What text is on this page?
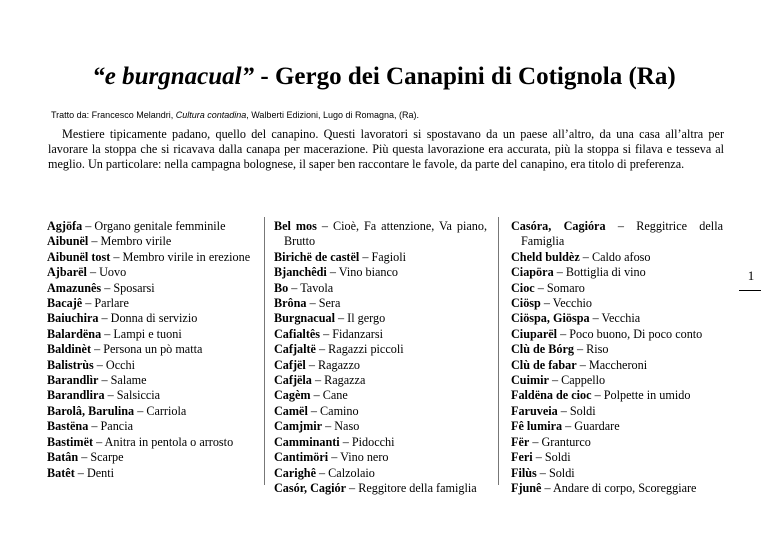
“e burgnacual” - Gergo dei Canapini di Cotignola (Ra)
Tratto da: Francesco Melandri, Cultura contadina, Walberti Edizioni, Lugo di Romagna, (Ra).

Mestiere tipicamente padano, quello del canapino. Questi lavoratori si spostavano da un paese all’altro, da una casa all’altra per lavorare la stoppa che si ricavava dalla canapa per macerazione. Più questa lavorazione era accurata, più la stoppa si filava e tesseva al meglio. Un particolare: nella campagna bolognese, il saper ben raccontare le favole, da parte del canapino, era titolo di preferenza.

Agjöfa – Organo genitale femminile
Aibunël – Membro virile
Aibunël tost – Membro virile in erezione
Ajbarël – Uovo
Amazunês – Sposarsi
Bacajê – Parlare
Baiuchira – Donna di servizio
Balardëna – Lampi e tuoni
Baldinèt – Persona un pò matta
Balistrùs – Occhi
Barandlìr – Salame
Barandlira – Salsiccia
Barolâ, Barulina – Carriola
Bastëna – Pancia
Bastimët – Anitra in pentola o arrosto
Batân – Scarpe
Batêt – Denti
Bel mos – Cioè, Fa attenzione, Va piano, Brutto
Birichë de castël – Fagioli
Bjanchêdi – Vino bianco
Bo – Tavola
Brôna – Sera
Burgnacual – Il gergo
Cafialtês – Fidanzarsi
Cafjaltë – Ragazzi piccoli
Cafjël – Ragazzo
Cafjëla – Ragazza
Cagèm – Cane
Camël – Camino
Camjmir – Naso
Camminanti – Pidocchi
Cantimöri – Vino nero
Carighê – Calzolaio
Casór, Cagiór – Reggitore della famiglia
Casóra, Cagióra – Reggitrice della Famiglia
Cheld buldèz – Caldo afoso
Ciapöra – Bottiglia di vino
Cioc – Somaro
Ciösp – Vecchio
Ciöspa, Giöspa – Vecchia
Ciuparël – Poco buono, Di poco conto
Clù de Bórg – Riso
Clù de fabar – Maccheroni
Cuimir – Cappello
Faldëna de cioc – Polpette in umido
Faruveia – Soldi
Fê lumira – Guardare
Fër – Granturco
Feri – Soldi
Filùs – Soldi
Fjunê – Andare di corpo, Scoreggiare
1
